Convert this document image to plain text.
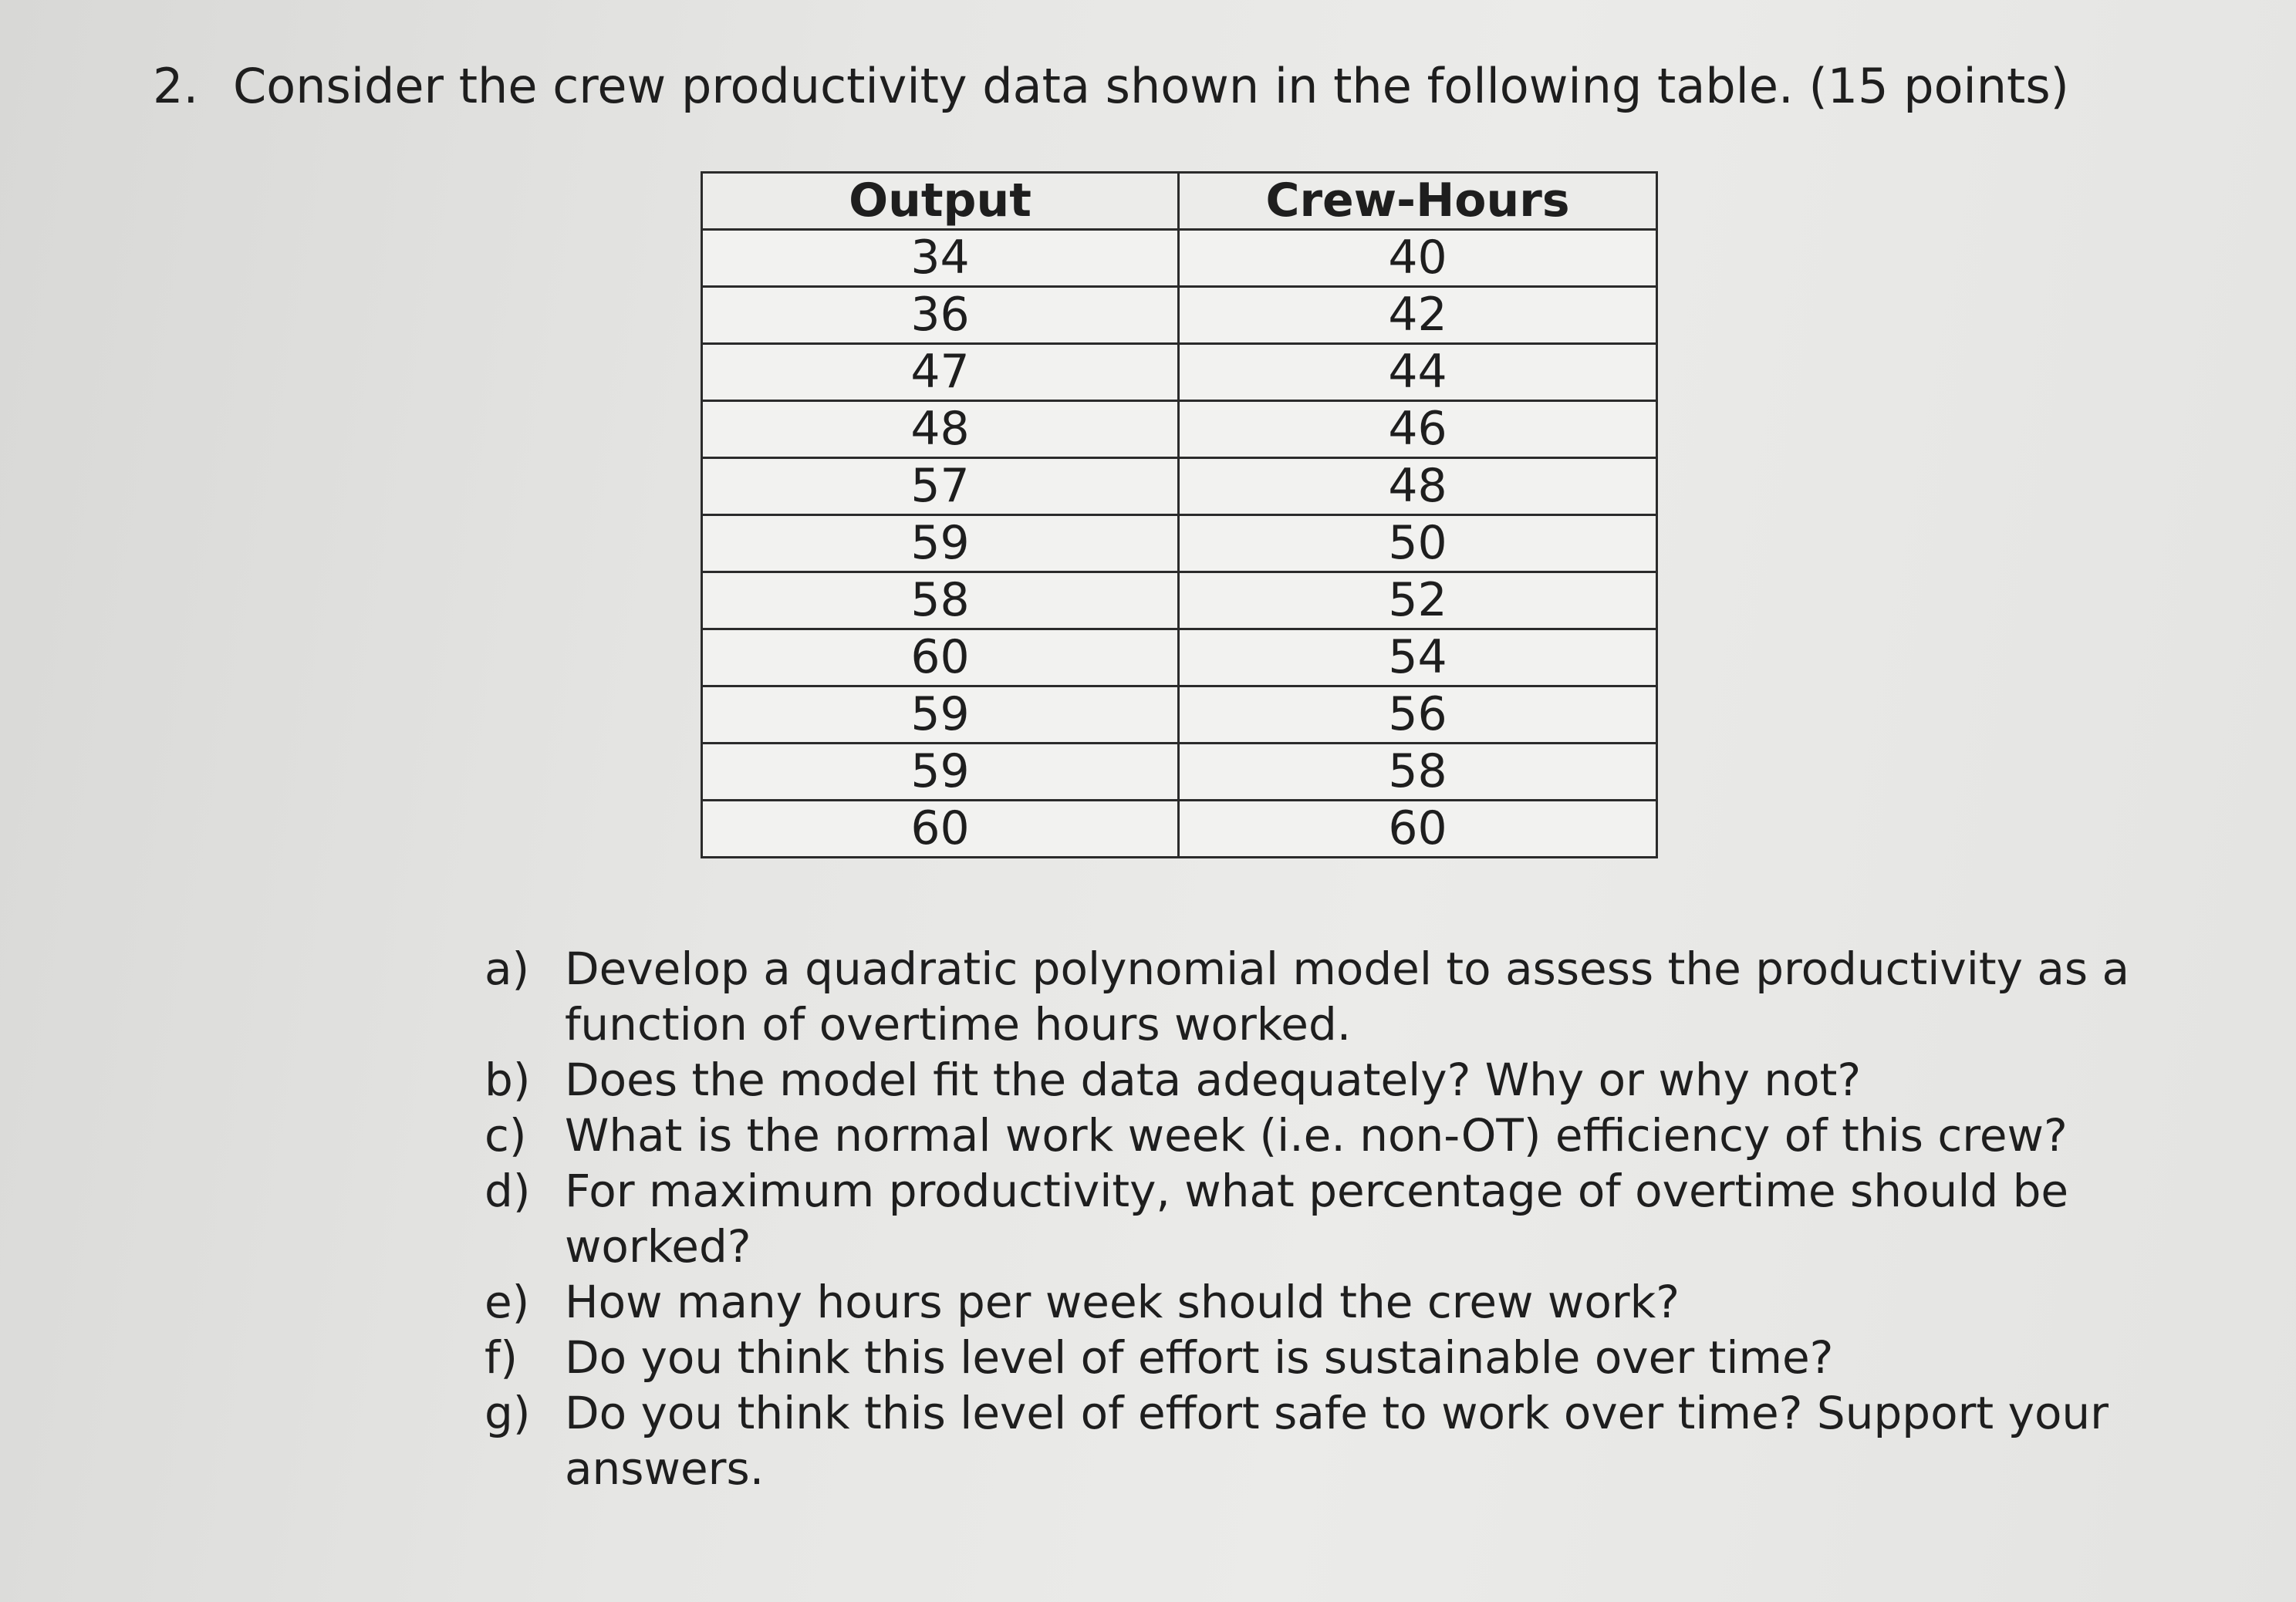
2. Consider the crew productivity data shown in the following table. (15 points)
Output	Crew-Hours
34	40
36	42
47	44
48	46
57	48
59	50
58	52
60	54
59	56
59	58
60	60
a) Develop a quadratic polynomial model to assess the productivity as a function of overtime hours worked.
b) Does the model fit the data adequately? Why or why not?
c) What is the normal work week (i.e. non-OT) efficiency of this crew?
d) For maximum productivity, what percentage of overtime should be worked?
e) How many hours per week should the crew work?
f)	Do you think this level of effort is sustainable over time?
g) Do you think this level of effort safe to work over time? Support your answers.
